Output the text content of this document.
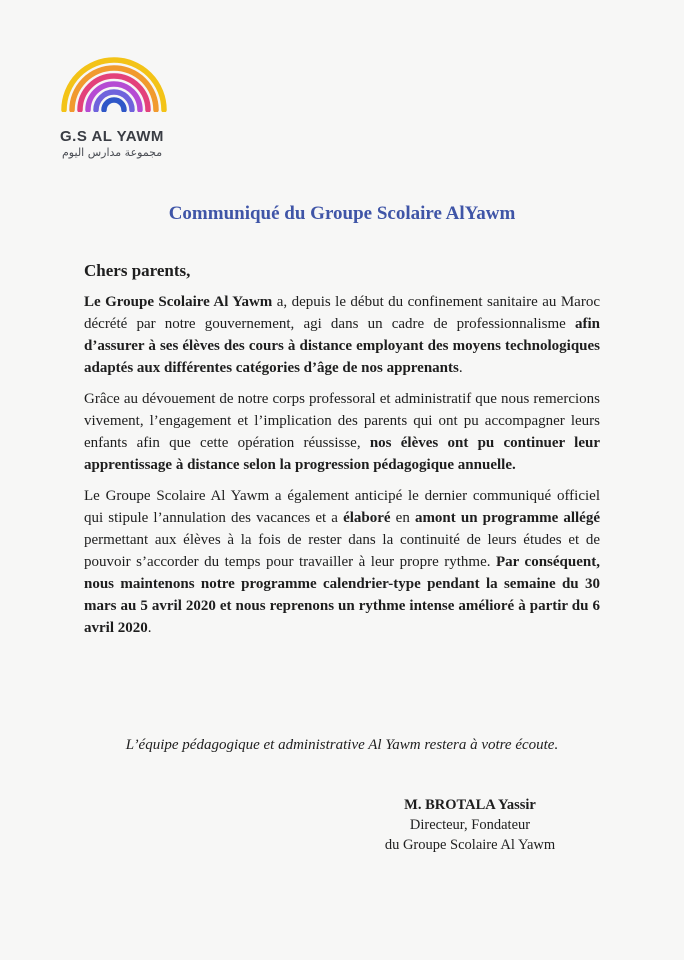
G.S AL YAWM
مجموعة مدارس اليوم
Communiqué du Groupe Scolaire AlYawm
Chers parents,

Le Groupe Scolaire Al Yawm a, depuis le début du confinement sanitaire au Maroc décrété par notre gouvernement, agi dans un cadre de professionnalisme afin d’assurer à ses élèves des cours à distance employant des moyens technologiques adaptés aux différentes catégories d’âge de nos apprenants.

Grâce au dévouement de notre corps professoral et administratif que nous remercions vivement, l’engagement et l’implication des parents qui ont pu accompagner leurs enfants afin que cette opération réussisse, nos élèves ont pu continuer leur apprentissage à distance selon la progression pédagogique annuelle.

Le Groupe Scolaire Al Yawm a également anticipé le dernier communiqué officiel qui stipule l’annulation des vacances et a élaboré en amont un programme allégé permettant aux élèves à la fois de rester dans la continuité de leurs études et de pouvoir s’accorder du temps pour travailler à leur propre rythme. Par conséquent, nous maintenons notre programme calendrier-type pendant la semaine du 30 mars au 5 avril 2020 et nous reprenons un rythme intense amélioré à partir du 6 avril 2020.

L’équipe pédagogique et administrative Al Yawm restera à votre écoute.
M. BROTALA Yassir
Directeur, Fondateur
du Groupe Scolaire Al Yawm
